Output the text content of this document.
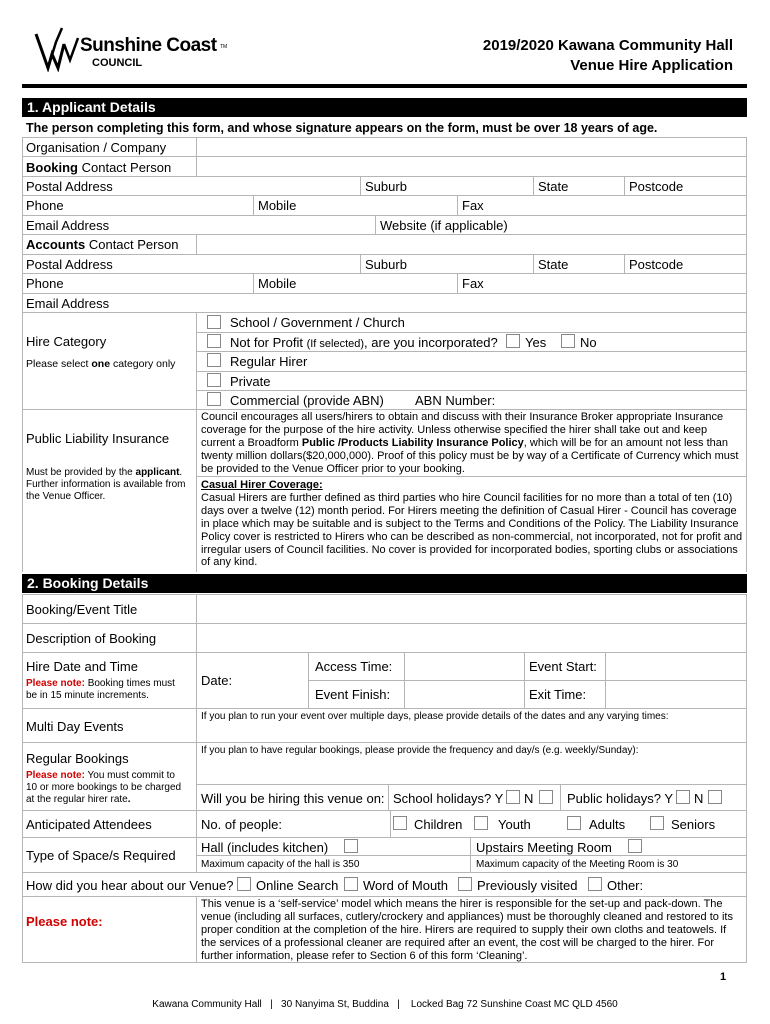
Sunshine Coast TM
COUNCIL
2019/2020 Kawana Community Hall
Venue Hire Application
1. Applicant Details
The person completing this form, and whose signature appears on the form, must be over 18 years of age.
Organisation / Company
Booking Contact Person
Postal Address	Suburb	State	Postcode
Phone	Mobile	Fax
Email Address	Website (if applicable)
Accounts Contact Person
Postal Address	Suburb	State	Postcode
Phone	Mobile	Fax
Email Address
Hire Category
Please select one category only
School / Government / Church
Not for Profit (If selected), are you incorporated? Yes	No
Regular Hirer
Private
Commercial (provide ABN) ABN Number:
Public Liability Insurance
Must be provided by the applicant.
Further information is available from
the Venue Officer.
Council encourages all users/hirers to obtain and discuss with their Insurance Broker appropriate Insurance coverage for the purpose of the hire activity. Unless otherwise specified the hirer shall take out and keep current a Broadform Public /Products Liability Insurance Policy, which will be for an amount not less than twenty million dollars($20,000,000). Proof of this policy must be by way of a Certificate of Currency which must be provided to the Venue Officer prior to your booking.
Casual Hirer Coverage:
Casual Hirers are further defined as third parties who hire Council facilities for no more than a total of ten (10) days over a twelve (12) month period. For Hirers meeting the definition of Casual Hirer - Council has coverage in place which may be suitable and is subject to the Terms and Conditions of the Policy. The Liability Insurance Policy cover is restricted to Hirers who can be described as non-commercial, not incorporated, not for profit and irregular users of Council facilities. No cover is provided for incorporated bodies, sporting clubs or associations of any kind.
2. Booking Details
Booking/Event Title
Description of Booking
Hire Date and Time
Please note: Booking times must
be in 15 minute increments.
Date:
Access Time:	Event Start:
Event Finish:	Exit Time:
Multi Day Events
If you plan to run your event over multiple days, please provide details of the dates and any varying times:
Regular Bookings
If you plan to have regular bookings, please provide the frequency and day/s (e.g. weekly/Sunday):
Please note: You must commit to
10 or more bookings to be charged
at the regular hirer rate.	Will you be hiring this venue on: School holidays? Y N	Public holidays? Y N
Anticipated Attendees	No. of people:	Children	Youth	Adults	Seniors
Type of Space/s Required
Hall (includes kitchen)
Maximum capacity of the hall is 350
Upstairs Meeting Room
Maximum capacity of the Meeting Room is 30
How did you hear about our Venue? Online Search Word of Mouth Previously visited Other:
Please note:
This venue is a ‘self-service’ model which means the hirer is responsible for the set-up and pack-down. The venue (including all surfaces, cutlery/crockery and appliances) must be thoroughly cleaned and restored to its proper condition at the completion of the hire. Hirers are required to supply their own cloths and teatowels. If the services of a professional cleaner are required after an event, the cost will be charged to the hirer. For further information, please refer to Section 6 of this form ‘Cleaning’.
1
Kawana Community Hall   |   30 Nanyima St, Buddina   |    Locked Bag 72 Sunshine Coast MC QLD 4560
